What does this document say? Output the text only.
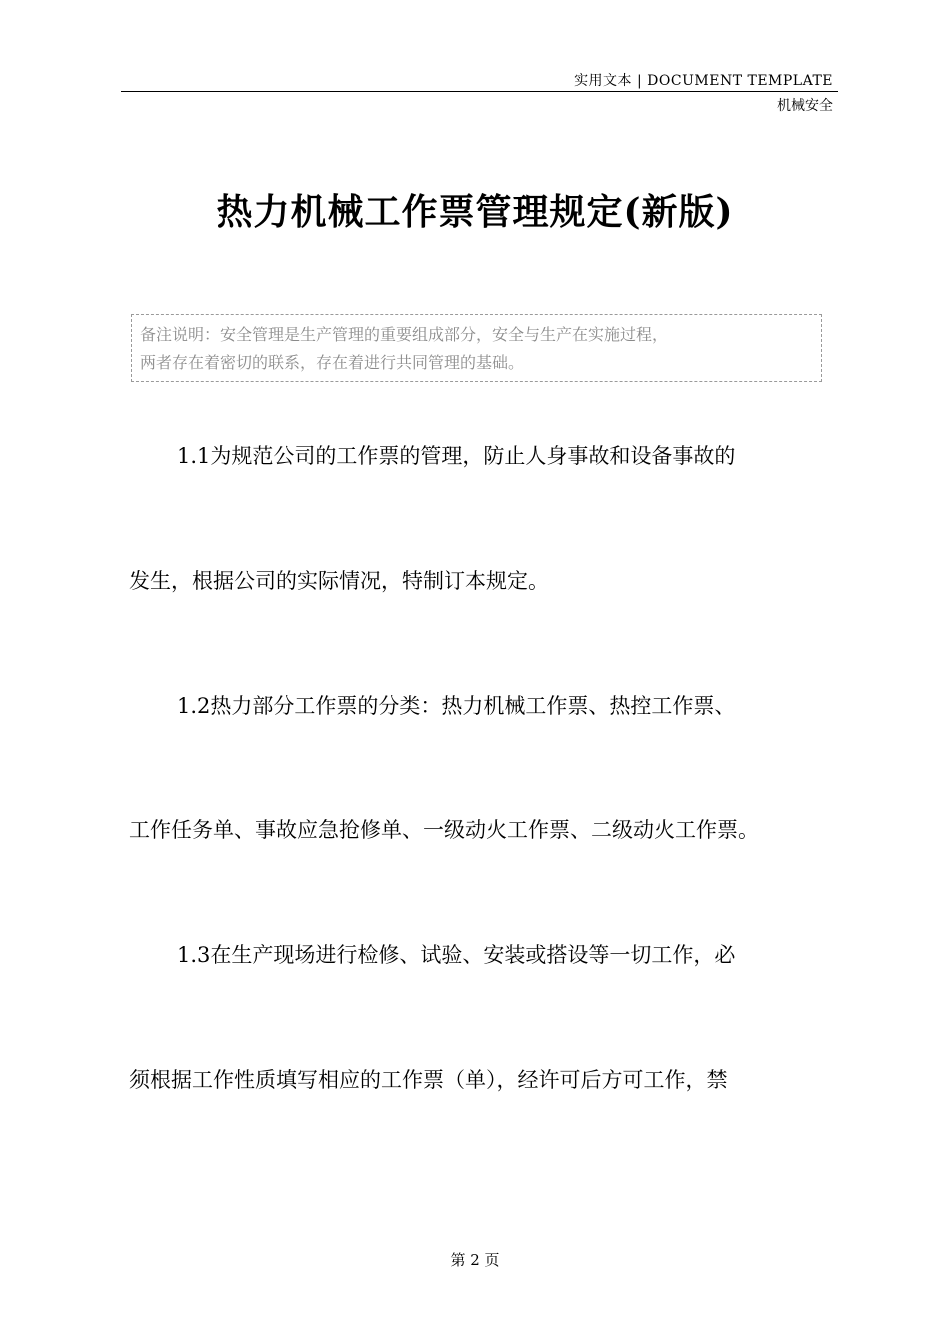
实用文本 | DOCUMENT TEMPLATE
机械安全
热力机械工作票管理规定(新版)
备注说明：安全管理是生产管理的重要组成部分，安全与生产在实施过程，
两者存在着密切的联系，存在着进行共同管理的基础。
1.1为规范公司的工作票的管理，防止人身事故和设备事故的
发生，根据公司的实际情况，特制订本规定。
1.2热力部分工作票的分类：热力机械工作票、热控工作票、
工作任务单、事故应急抢修单、一级动火工作票、二级动火工作票。
1.3在生产现场进行检修、试验、安装或搭设等一切工作，必
须根据工作性质填写相应的工作票（单），经许可后方可工作，禁
第 2 页
